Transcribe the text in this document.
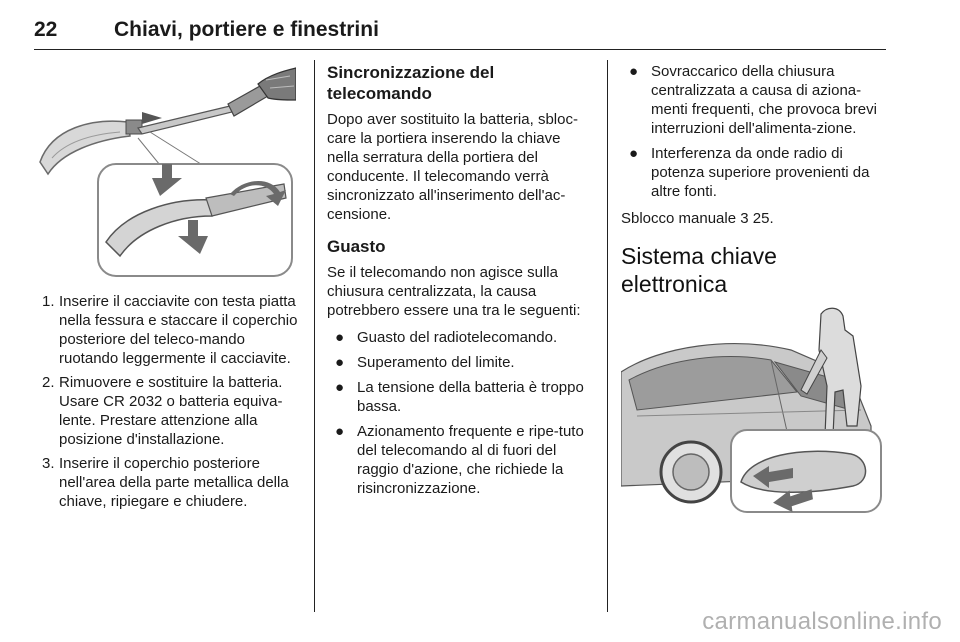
22	Chiavi, portiere e finestrini
1. Inserire il cacciavite con testa piatta nella fessura e staccare il coperchio posteriore del teleco-mando ruotando leggermente il cacciavite.
2. Rimuovere e sostituire la batteria. Usare CR 2032 o batteria equiva-lente. Prestare attenzione alla posizione d'installazione.
3. Inserire il coperchio posteriore nell'area della parte metallica della chiave, ripiegare e chiudere.
Sincronizzazione del telecomando
Dopo aver sostituito la batteria, sbloc-care la portiera inserendo la chiave nella serratura della portiera del conducente. Il telecomando verrà sincronizzato all'inserimento dell'ac-censione.
Guasto
Se il telecomando non agisce sulla chiusura centralizzata, la causa potrebbero essere una tra le seguenti:
● Guasto del radiotelecomando.
● Superamento del limite.
● La tensione della batteria è troppo bassa.
● Azionamento frequente e ripe-tuto del telecomando al di fuori del raggio d'azione, che richiede la risincronizzazione.
● Sovraccarico della chiusura centralizzata a causa di aziona-menti frequenti, che provoca brevi interruzioni dell'alimenta-zione.
● Interferenza da onde radio di potenza superiore provenienti da altre fonti.
Sblocco manuale 3 25.
Sistema chiave elettronica
carmanualsonline.info
